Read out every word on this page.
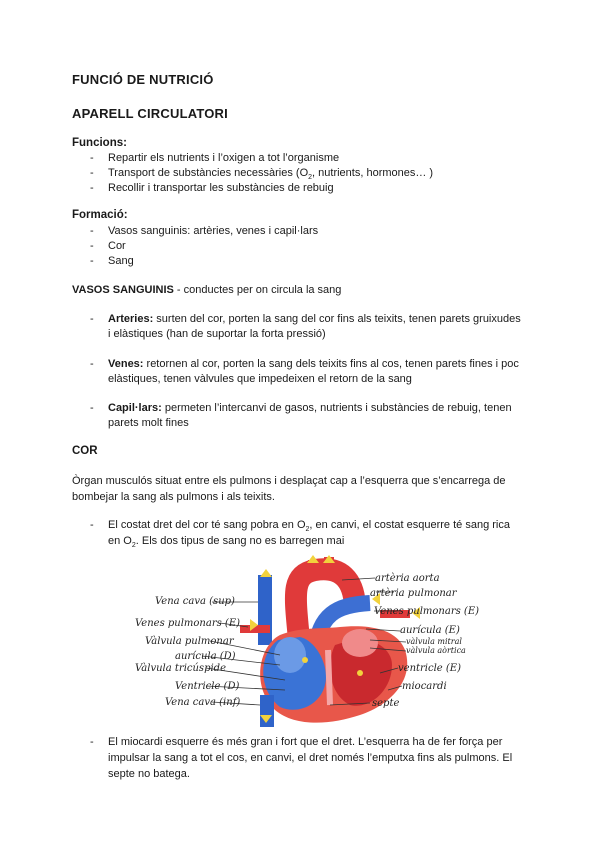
FUNCIÓ DE NUTRICIÓ
APARELL CIRCULATORI
Funcions:
- Repartir els nutrients i l’oxigen a tot l’organisme
- Transport de substàncies necessàries ($O_2$, nutrients, hormones… )
- Recollir i transportar les substàncies de rebuig
Formació:
- Vasos sanguinis: artèries, venes i capil·lars
- Cor
- Sang
VASOS SANGUINIS - conductes per on circula la sang
- Arteries: surten del cor, porten la sang del cor fins als teixits, tenen parets gruixudes
i elàstiques (han de suportar la forta pressió)
- Venes: retornen al cor, porten la sang dels teixits fins al cos, tenen parets fines i poc
elàstiques, tenen vàlvules que impedeixen el retorn de la sang
- Capil·lars: permeten l’intercanvi de gasos, nutrients i substàncies de rebuig, tenen
parets molt fines
COR
Òrgan musculós situat entre els pulmons i desplaçat cap a l’esquerra que s’encarrega de
bombejar la sang als pulmons i als teixits.
- El costat dret del cor té sang pobra en $O_2$, en canvi, el costat esquerre té sang rica
en $O_2$. Els dos tipus de sang no es barregen mai
Vena cava (sup)
Venes pulmonars (E)
Vàlvula pulmonar
aurícula (D)
Vàlvula tricúspide
Ventricle (D)
Vena cava (inf)
artèria aorta
artèria pulmonar
Venes pulmonars (E)
aurícula (E)
vàlvula mitral
vàlvula aòrtica
ventricle (E)
miocardi
septe
- El miocardi esquerre és més gran i fort que el dret. L’esquerra ha de fer força per
impulsar la sang a tot el cos, en canvi, el dret només l’emputxa fins als pulmons. El
septe no batega.
